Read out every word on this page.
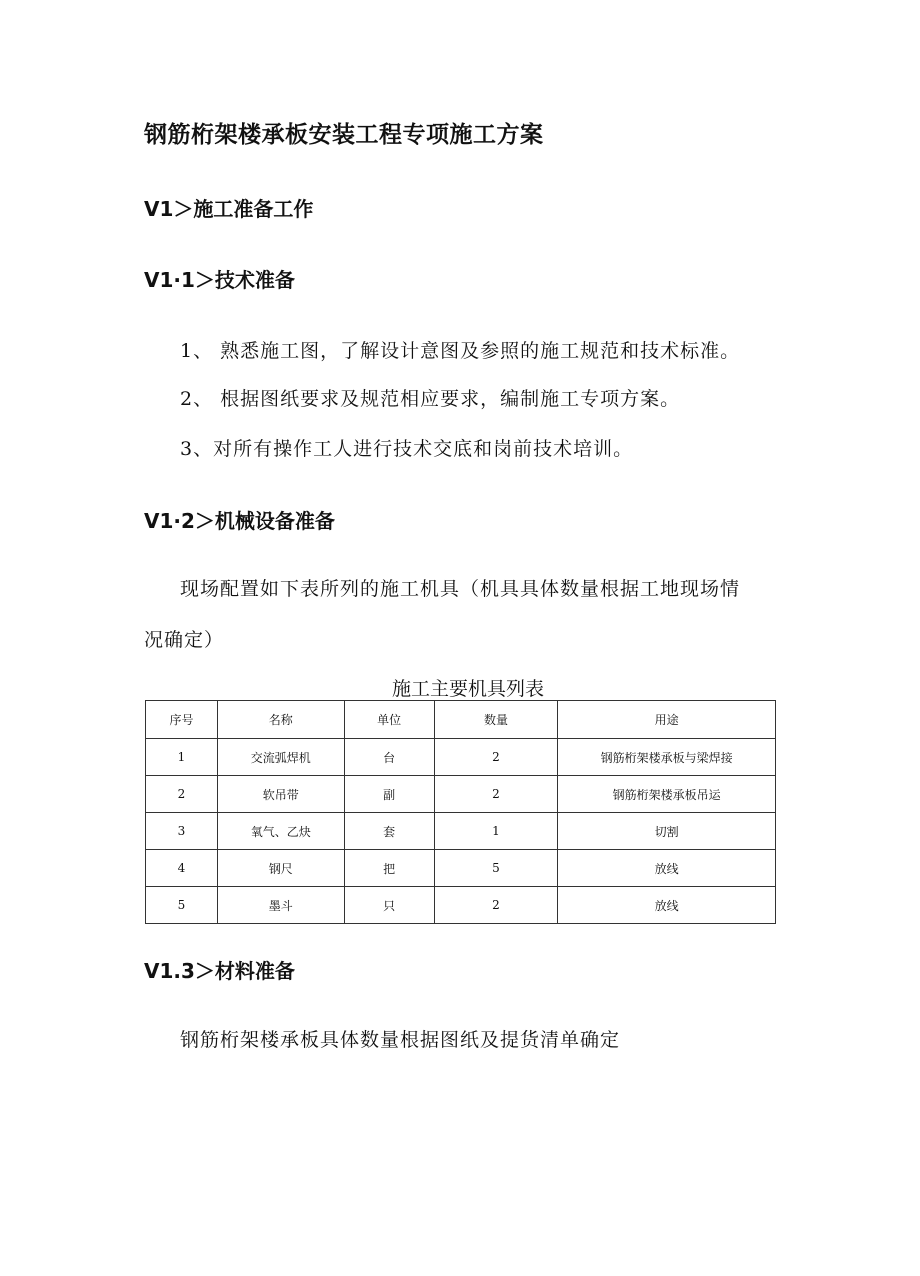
钢筋桁架楼承板安装工程专项施工方案
V1＞施工准备工作
V1·1＞技术准备
1、 熟悉施工图，了解设计意图及参照的施工规范和技术标准。
2、 根据图纸要求及规范相应要求，编制施工专项方案。
3、对所有操作工人进行技术交底和岗前技术培训。
V1·2＞机械设备准备
现场配置如下表所列的施工机具（机具具体数量根据工地现场情
况确定）
施工主要机具列表
序号	名称	单位	数量	用途
1	交流弧焊机	台	2	钢筋桁架楼承板与梁焊接
2	软吊带	副	2	钢筋桁架楼承板吊运
3	氧气、乙炔	套	1	切割
4	钢尺	把	5	放线
5	墨斗	只	2	放线
V1.3＞材料准备
钢筋桁架楼承板具体数量根据图纸及提货清单确定
